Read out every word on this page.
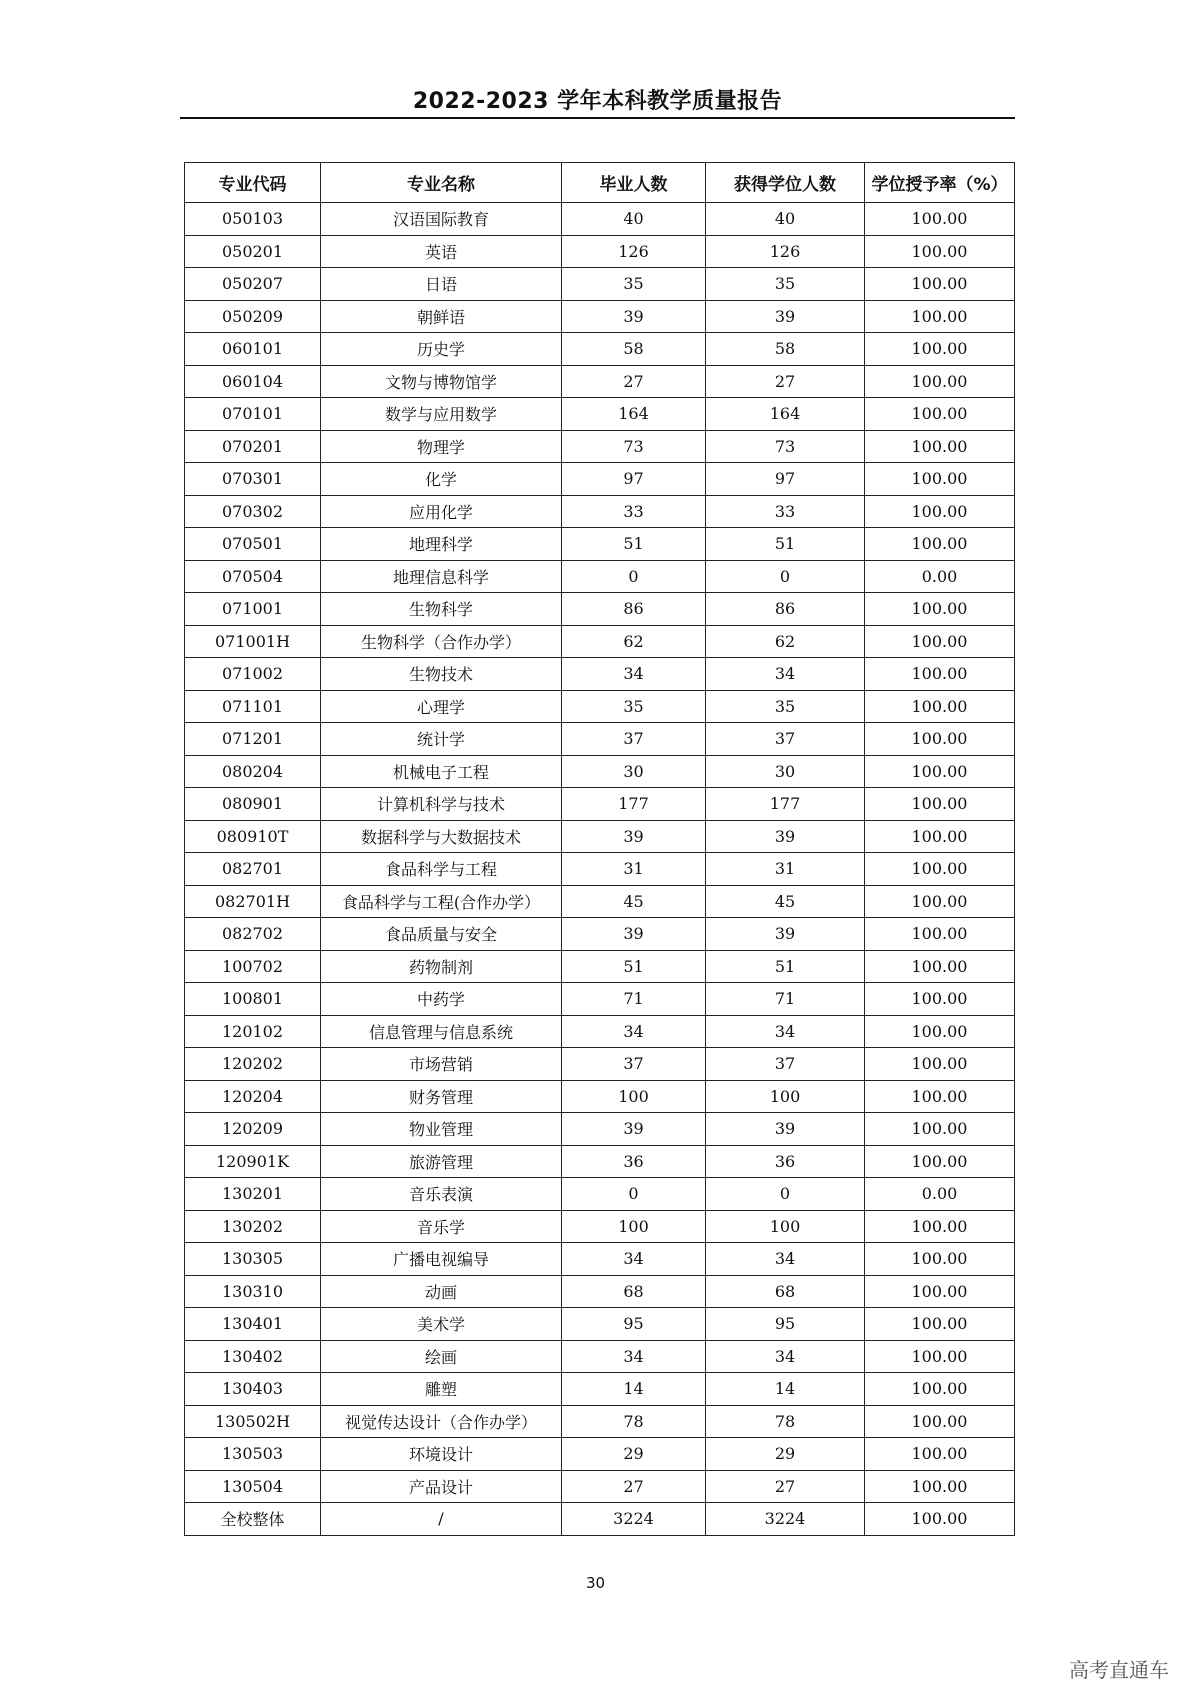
2022-2023 学年本科教学质量报告
专业代码	专业名称	毕业人数	获得学位人数	学位授予率（%）
050103	汉语国际教育	40	40	100.00
050201	英语	126	126	100.00
050207	日语	35	35	100.00
050209	朝鲜语	39	39	100.00
060101	历史学	58	58	100.00
060104	文物与博物馆学	27	27	100.00
070101	数学与应用数学	164	164	100.00
070201	物理学	73	73	100.00
070301	化学	97	97	100.00
070302	应用化学	33	33	100.00
070501	地理科学	51	51	100.00
070504	地理信息科学	0	0	0.00
071001	生物科学	86	86	100.00
071001H	生物科学（合作办学）	62	62	100.00
071002	生物技术	34	34	100.00
071101	心理学	35	35	100.00
071201	统计学	37	37	100.00
080204	机械电子工程	30	30	100.00
080901	计算机科学与技术	177	177	100.00
080910T	数据科学与大数据技术	39	39	100.00
082701	食品科学与工程	31	31	100.00
082701H	食品科学与工程(合作办学）	45	45	100.00
082702	食品质量与安全	39	39	100.00
100702	药物制剂	51	51	100.00
100801	中药学	71	71	100.00
120102	信息管理与信息系统	34	34	100.00
120202	市场营销	37	37	100.00
120204	财务管理	100	100	100.00
120209	物业管理	39	39	100.00
120901K	旅游管理	36	36	100.00
130201	音乐表演	0	0	0.00
130202	音乐学	100	100	100.00
130305	广播电视编导	34	34	100.00
130310	动画	68	68	100.00
130401	美术学	95	95	100.00
130402	绘画	34	34	100.00
130403	雕塑	14	14	100.00
130502H	视觉传达设计（合作办学）	78	78	100.00
130503	环境设计	29	29	100.00
130504	产品设计	27	27	100.00
全校整体	/	3224	3224	100.00
30
高考直通车
